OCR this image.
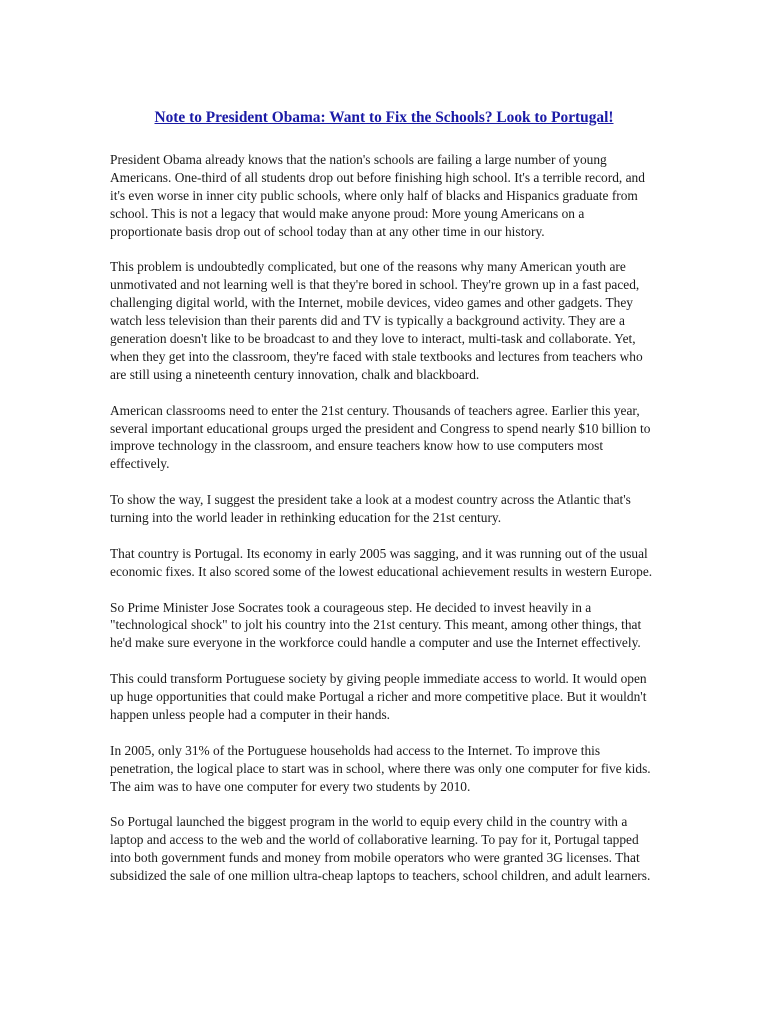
Note to President Obama: Want to Fix the Schools? Look to Portugal!

President Obama already knows that the nation's schools are failing a large number of young Americans. One-third of all students drop out before finishing high school. It's a terrible record, and it's even worse in inner city public schools, where only half of blacks and Hispanics graduate from school. This is not a legacy that would make anyone proud: More young Americans on a proportionate basis drop out of school today than at any other time in our history.

This problem is undoubtedly complicated, but one of the reasons why many American youth are unmotivated and not learning well is that they're bored in school. They're grown up in a fast paced, challenging digital world, with the Internet, mobile devices, video games and other gadgets. They watch less television than their parents did and TV is typically a background activity. They are a generation doesn't like to be broadcast to and they love to interact, multi-task and collaborate. Yet, when they get into the classroom, they're faced with stale textbooks and lectures from teachers who are still using a nineteenth century innovation, chalk and blackboard.

American classrooms need to enter the 21st century. Thousands of teachers agree. Earlier this year, several important educational groups urged the president and Congress to spend nearly $10 billion to improve technology in the classroom, and ensure teachers know how to use computers most effectively.

To show the way, I suggest the president take a look at a modest country across the Atlantic that's turning into the world leader in rethinking education for the 21st century.

That country is Portugal. Its economy in early 2005 was sagging, and it was running out of the usual economic fixes. It also scored some of the lowest educational achievement results in western Europe.

So Prime Minister Jose Socrates took a courageous step. He decided to invest heavily in a "technological shock" to jolt his country into the 21st century. This meant, among other things, that he'd make sure everyone in the workforce could handle a computer and use the Internet effectively.

This could transform Portuguese society by giving people immediate access to world. It would open up huge opportunities that could make Portugal a richer and more competitive place. But it wouldn't happen unless people had a computer in their hands.

In 2005, only 31% of the Portuguese households had access to the Internet. To improve this penetration, the logical place to start was in school, where there was only one computer for five kids. The aim was to have one computer for every two students by 2010.

So Portugal launched the biggest program in the world to equip every child in the country with a laptop and access to the web and the world of collaborative learning. To pay for it, Portugal tapped into both government funds and money from mobile operators who were granted 3G licenses. That subsidized the sale of one million ultra-cheap laptops to teachers, school children, and adult learners.
